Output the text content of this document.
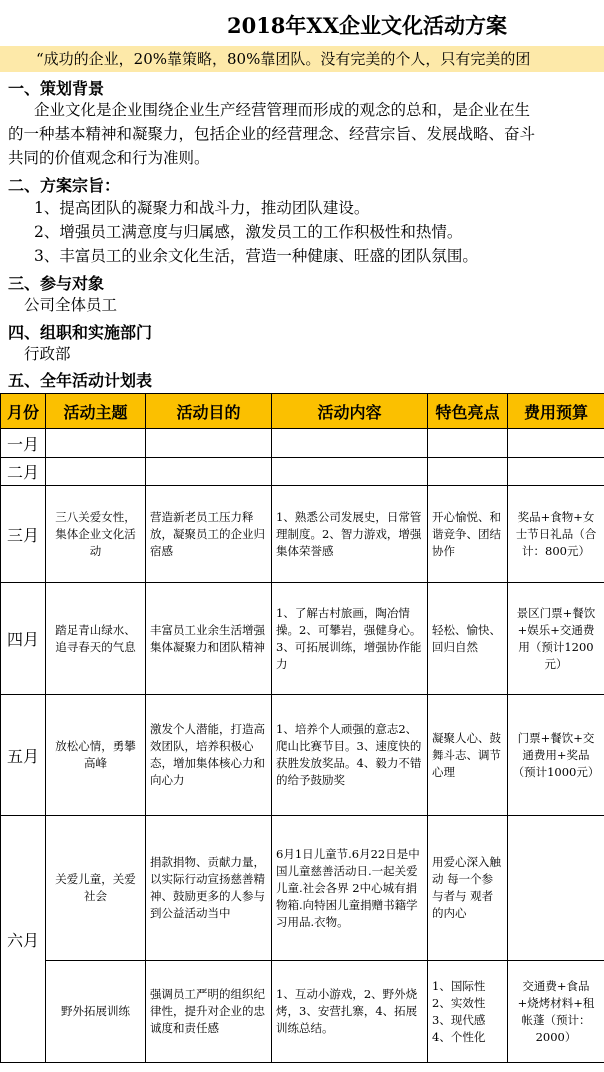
2018年XX企业文化活动方案
“成功的企业，20%靠策略，80%靠团队。没有完美的个人，只有完美的团
一、策划背景
企业文化是企业围绕企业生产经营管理而形成的观念的总和，是企业在生
的一种基本精神和凝聚力，包括企业的经营理念、经营宗旨、发展战略、奋斗
共同的价值观念和行为准则。
二、方案宗旨：
1、提高团队的凝聚力和战斗力，推动团队建设。
2、增强员工满意度与归属感，激发员工的工作积极性和热情。
3、丰富员工的业余文化生活，营造一种健康、旺盛的团队氛围。
三、参与对象
公司全体员工
四、组职和实施部门
行政部
五、全年活动计划表
月份	活动主题	活动目的	活动内容	特色亮点	费用预算
一月					
二月					
三月	三八关爱女性，集体企业文化活动	营造新老员工压力释放，凝聚员工的企业归宿感	1、熟悉公司发展史，日常管理制度。2、智力游戏，增强集体荣誉感	开心愉悦、和谐竞争、团结协作	奖品+食物+女士节日礼品（合计：800元）
四月	踏足青山绿水、追寻春天的气息	丰富员工业余生活增强集体凝聚力和团队精神	1、了解古村旅画，陶冶情操。2、可攀岩，强健身心。3、可拓展训练，增强协作能力	轻松、愉快、回归自然	景区门票+餐饮+娱乐+交通费用（预计1200元）
五月	放松心情，勇攀高峰	激发个人潜能，打造高效团队，培养积极心态，增加集体核心力和向心力	1、培养个人顽强的意志2、爬山比赛节目。3、速度快的获胜发放奖品。4、毅力不错的给予鼓励奖	凝聚人心、鼓舞斗志、调节心理	门票+餐饮+交通费用+奖品（预计1000元）
六月	关爱儿童，关爱社会	捐款捐物、贡献力量，以实际行动宣扬慈善精神、鼓励更多的人参与到公益活动当中	6月1日儿童节.6月22日是中国儿童慈善活动日.一起关爱儿童.社会各界 2中心城有捐物箱.向特困儿童捐赠书籍学习用品.衣物。	用爱心深入触动 每一个参与者与 观者的内心	
	野外拓展训练	强调员工严明的组织纪律性，提升对企业的忠诚度和责任感	1、互动小游戏，2、野外烧烤，3、安营扎寨，4、拓展训练总结。	1、国际性 2、实效性 3、现代感 4、个性化	交通费+食品+烧烤材料+租帐蓬（预计：2000）
